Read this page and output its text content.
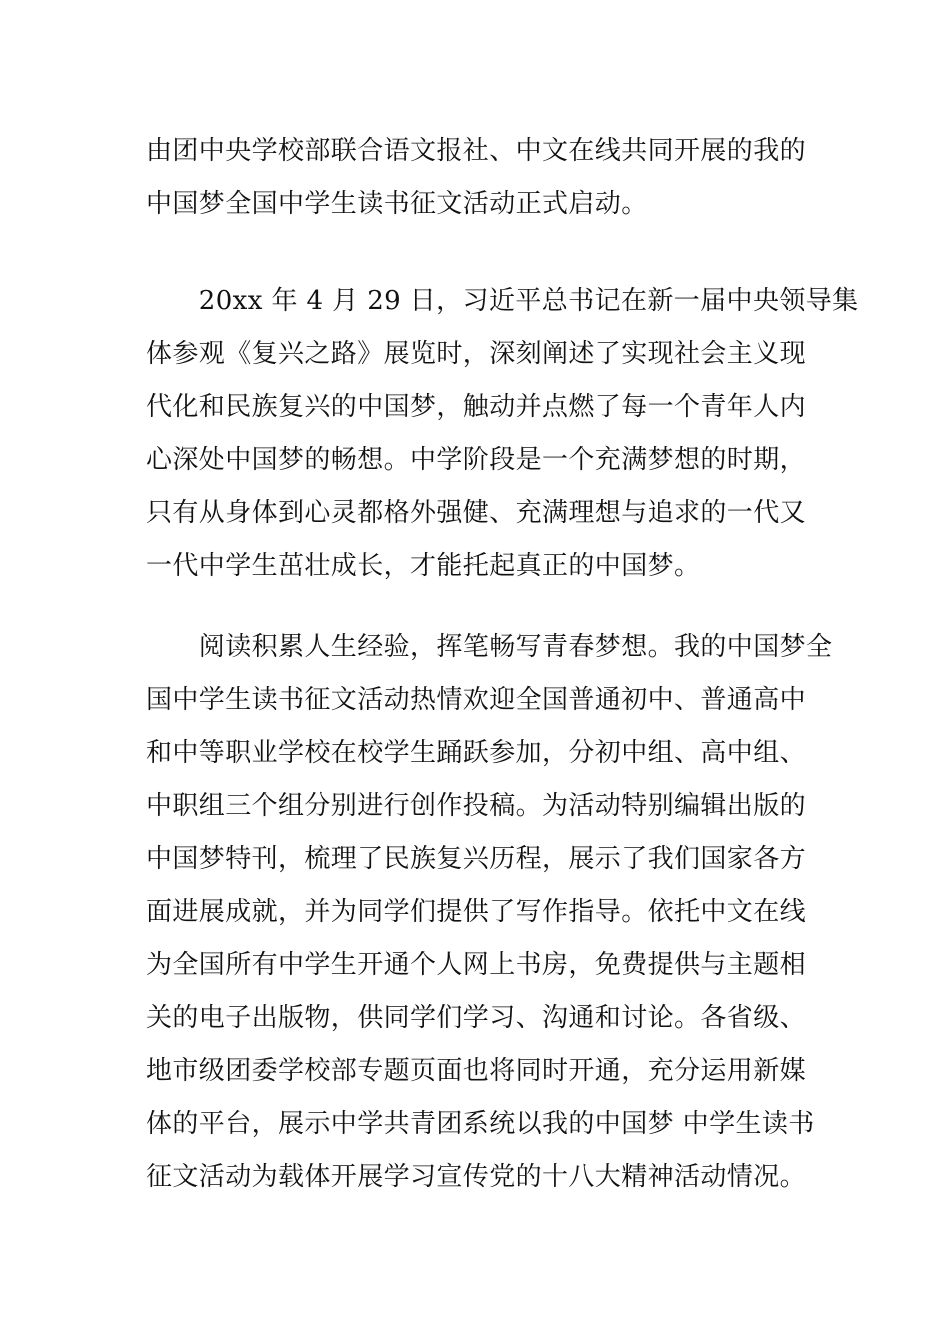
由团中央学校部联合语文报社、中文在线共同开展的我的
中国梦全国中学生读书征文活动正式启动。

　　20xx 年 4 月 29 日，习近平总书记在新一届中央领导集
体参观《复兴之路》展览时，深刻阐述了实现社会主义现
代化和民族复兴的中国梦，触动并点燃了每一个青年人内
心深处中国梦的畅想。中学阶段是一个充满梦想的时期，
只有从身体到心灵都格外强健、充满理想与追求的一代又
一代中学生茁壮成长，才能托起真正的中国梦。

　　阅读积累人生经验，挥笔畅写青春梦想。我的中国梦全
国中学生读书征文活动热情欢迎全国普通初中、普通高中
和中等职业学校在校学生踊跃参加，分初中组、高中组、
中职组三个组分别进行创作投稿。为活动特别编辑出版的
中国梦特刊，梳理了民族复兴历程，展示了我们国家各方
面进展成就，并为同学们提供了写作指导。依托中文在线
为全国所有中学生开通个人网上书房，免费提供与主题相
关的电子出版物，供同学们学习、沟通和讨论。各省级、
地市级团委学校部专题页面也将同时开通，充分运用新媒
体的平台，展示中学共青团系统以我的中国梦 中学生读书
征文活动为载体开展学习宣传党的十八大精神活动情况。
